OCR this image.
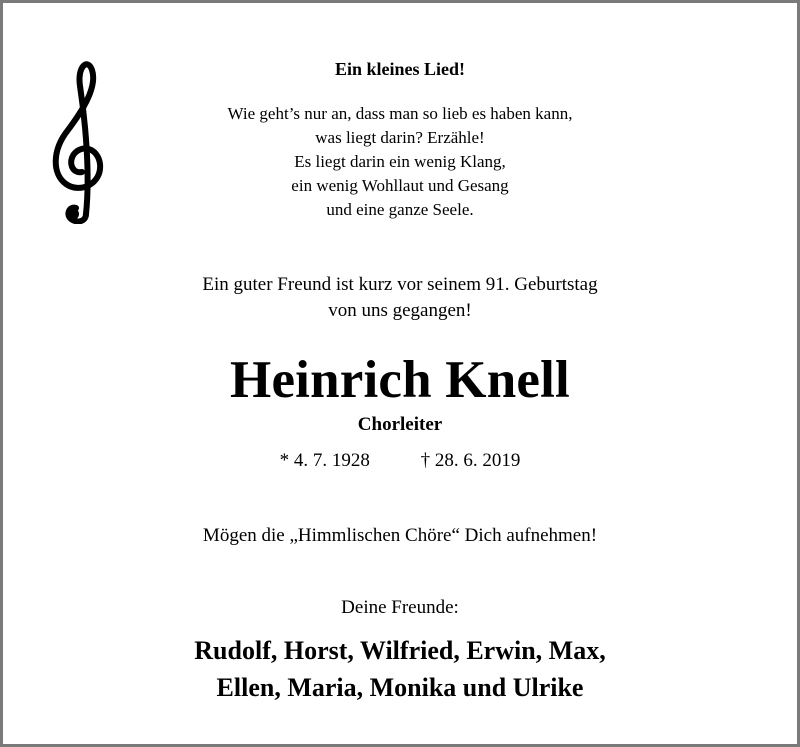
Ein kleines Lied!
Wie geht’s nur an, dass man so lieb es haben kann,
was liegt darin? Erzähle!
Es liegt darin ein wenig Klang,
ein wenig Wohllaut und Gesang
und eine ganze Seele.
Ein guter Freund ist kurz vor seinem 91. Geburtstag
von uns gegangen!
Heinrich Knell
Chorleiter
* 4. 7. 1928	† 28. 6. 2019
Mögen die „Himmlischen Chöre“ Dich aufnehmen!
Deine Freunde:
Rudolf, Horst, Wilfried, Erwin, Max,
Ellen, Maria, Monika und Ulrike
